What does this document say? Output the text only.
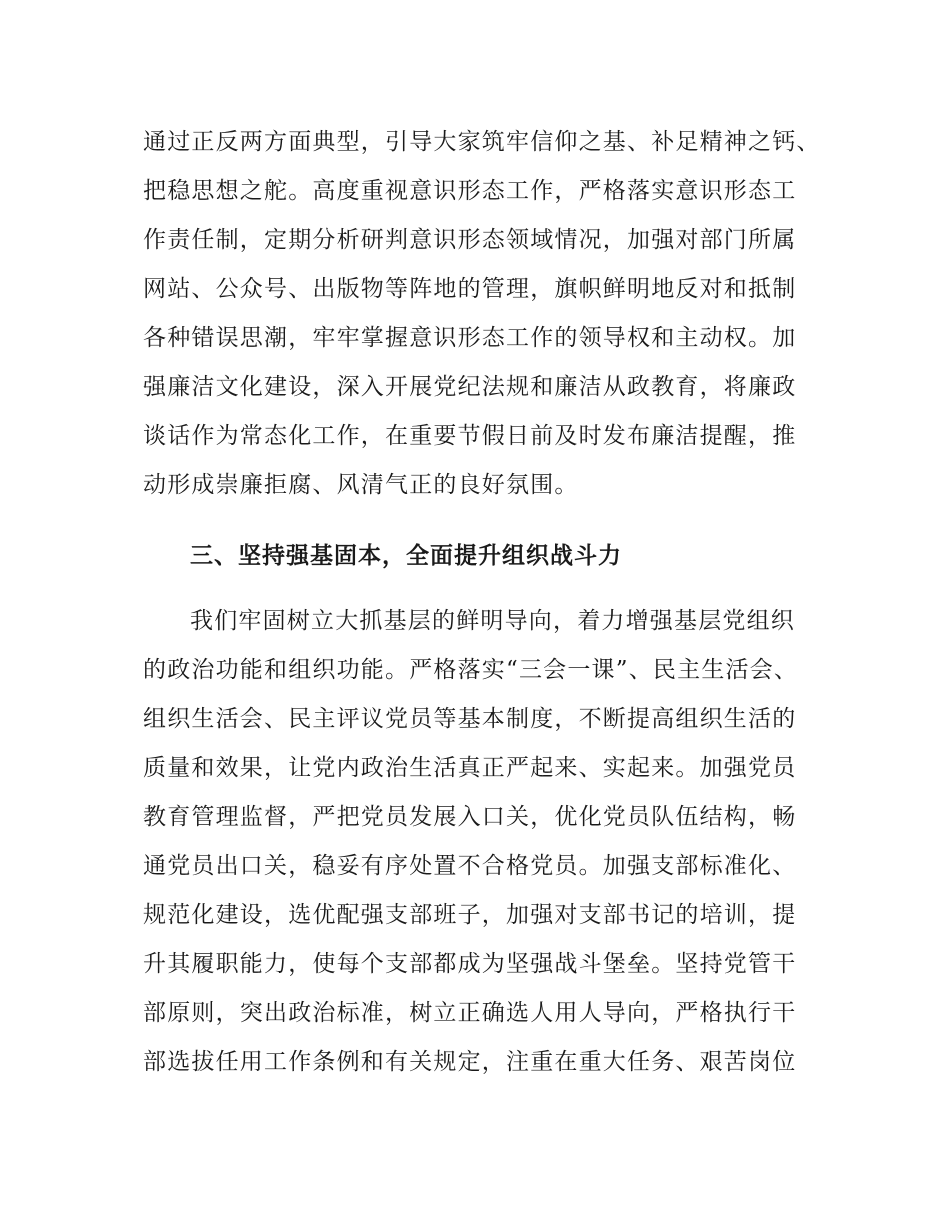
通过正反两方面典型，引导大家筑牢信仰之基、补足精神之钙、
把稳思想之舵。高度重视意识形态工作，严格落实意识形态工
作责任制，定期分析研判意识形态领域情况，加强对部门所属
网站、公众号、出版物等阵地的管理，旗帜鲜明地反对和抵制
各种错误思潮，牢牢掌握意识形态工作的领导权和主动权。加
强廉洁文化建设，深入开展党纪法规和廉洁从政教育，将廉政
谈话作为常态化工作，在重要节假日前及时发布廉洁提醒，推
动形成崇廉拒腐、风清气正的良好氛围。
三、坚持强基固本，全面提升组织战斗力
我们牢固树立大抓基层的鲜明导向，着力增强基层党组织
的政治功能和组织功能。严格落实“三会一课”、民主生活会、
组织生活会、民主评议党员等基本制度，不断提高组织生活的
质量和效果，让党内政治生活真正严起来、实起来。加强党员
教育管理监督，严把党员发展入口关，优化党员队伍结构，畅
通党员出口关，稳妥有序处置不合格党员。加强支部标准化、
规范化建设，选优配强支部班子，加强对支部书记的培训，提
升其履职能力，使每个支部都成为坚强战斗堡垒。坚持党管干
部原则，突出政治标准，树立正确选人用人导向，严格执行干
部选拔任用工作条例和有关规定，注重在重大任务、艰苦岗位
